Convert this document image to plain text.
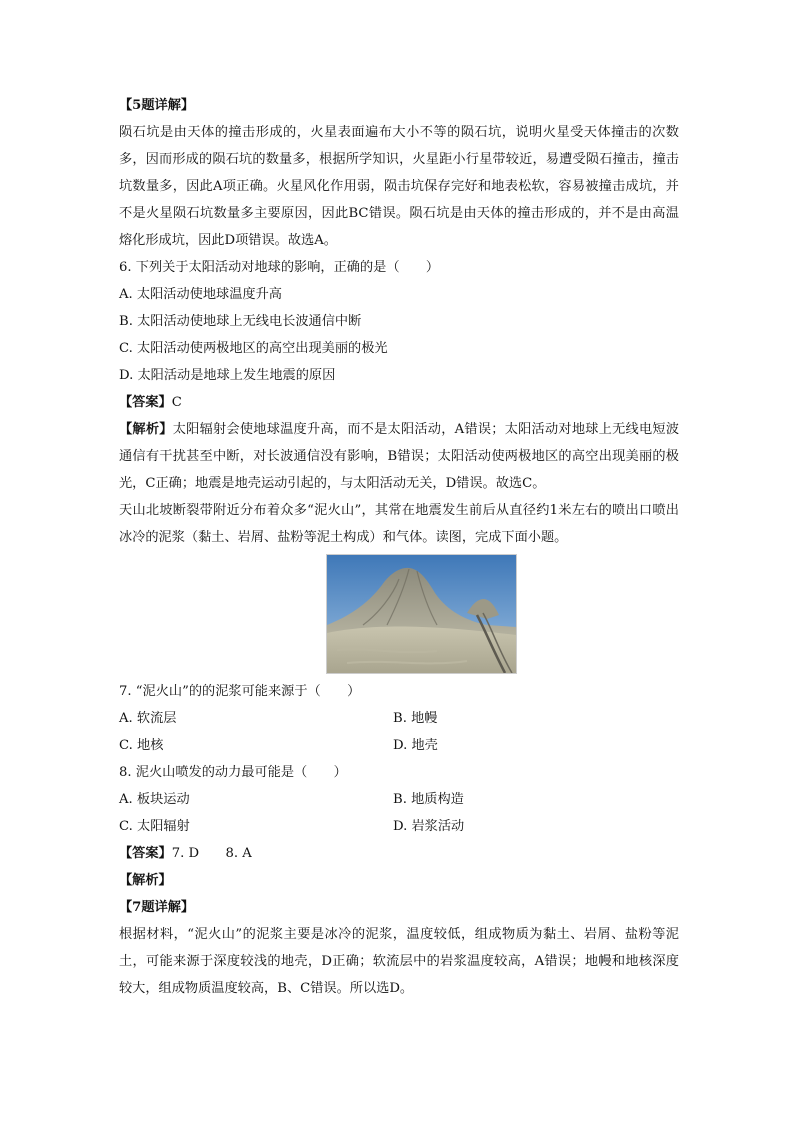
【5题详解】
陨石坑是由天体的撞击形成的，火星表面遍布大小不等的陨石坑，说明火星受天体撞击的次数多，因而形成的陨石坑的数量多，根据所学知识，火星距小行星带较近，易遭受陨石撞击，撞击坑数量多，因此A项正确。火星风化作用弱，陨击坑保存完好和地表松软，容易被撞击成坑，并不是火星陨石坑数量多主要原因，因此BC错误。陨石坑是由天体的撞击形成的，并不是由高温熔化形成坑，因此D项错误。故选A。
6. 下列关于太阳活动对地球的影响，正确的是（　　）
A. 太阳活动使地球温度升高
B. 太阳活动使地球上无线电长波通信中断
C. 太阳活动使两极地区的高空出现美丽的极光
D. 太阳活动是地球上发生地震的原因
【答案】C
【解析】太阳辐射会使地球温度升高，而不是太阳活动，A错误；太阳活动对地球上无线电短波通信有干扰甚至中断，对长波通信没有影响，B错误；太阳活动使两极地区的高空出现美丽的极光，C正确；地震是地壳运动引起的，与太阳活动无关，D错误。故选C。
天山北坡断裂带附近分布着众多“泥火山”，其常在地震发生前后从直径约1米左右的喷出口喷出冰冷的泥浆（黏土、岩屑、盐粉等泥土构成）和气体。读图，完成下面小题。
7. “泥火山”的的泥浆可能来源于（　　）
A. 软流层	B. 地幔
C. 地核	D. 地壳
8. 泥火山喷发的动力最可能是（　　）
A. 板块运动	B. 地质构造
C. 太阳辐射	D. 岩浆活动
【答案】7. D　　8. A
【解析】
【7题详解】
根据材料，“泥火山”的泥浆主要是冰冷的泥浆，温度较低，组成物质为黏土、岩屑、盐粉等泥土，可能来源于深度较浅的地壳，D正确；软流层中的岩浆温度较高，A错误；地幔和地核深度较大，组成物质温度较高，B、C错误。所以选D。
